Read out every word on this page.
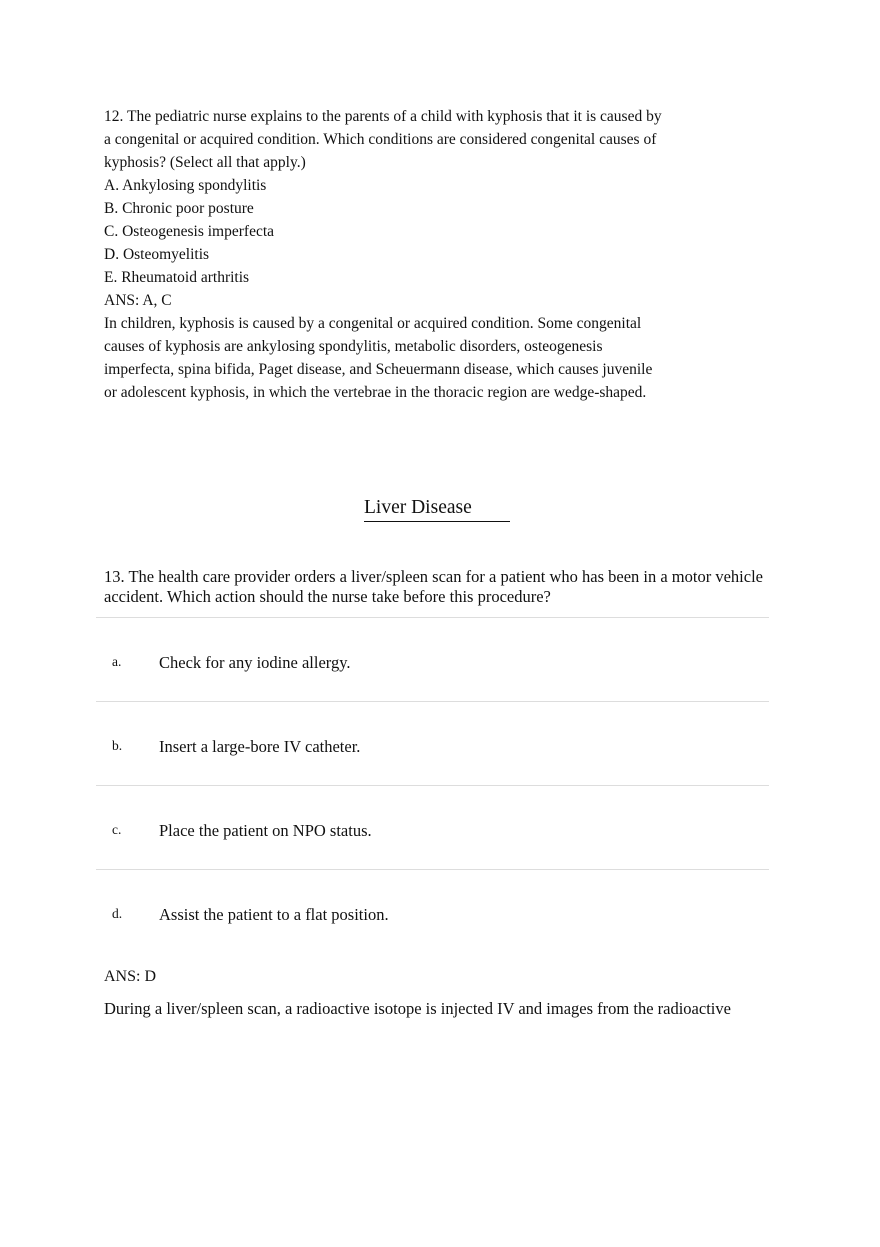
12. The pediatric nurse explains to the parents of a child with kyphosis that it is caused by a congenital or acquired condition. Which conditions are considered congenital causes of kyphosis? (Select all that apply.)

A. Ankylosing spondylitis

B. Chronic poor posture

C. Osteogenesis imperfecta

D. Osteomyelitis

E. Rheumatoid arthritis

ANS: A, C

In children, kyphosis is caused by a congenital or acquired condition. Some congenital causes of kyphosis are ankylosing spondylitis, metabolic disorders, osteogenesis imperfecta, spina bifida, Paget disease, and Scheuermann disease, which causes juvenile or adolescent kyphosis, in which the vertebrae in the thoracic region are wedge-shaped.

Liver Disease
13. The health care provider orders a liver/spleen scan for a patient who has been in a motor vehicle accident. Which action should the nurse take before this procedure?
a. Check for any iodine allergy.
b. Insert a large-bore IV catheter.
c. Place the patient on NPO status.
d. Assist the patient to a flat position.
ANS: D
During a liver/spleen scan, a radioactive isotope is injected IV and images from the radioactive
